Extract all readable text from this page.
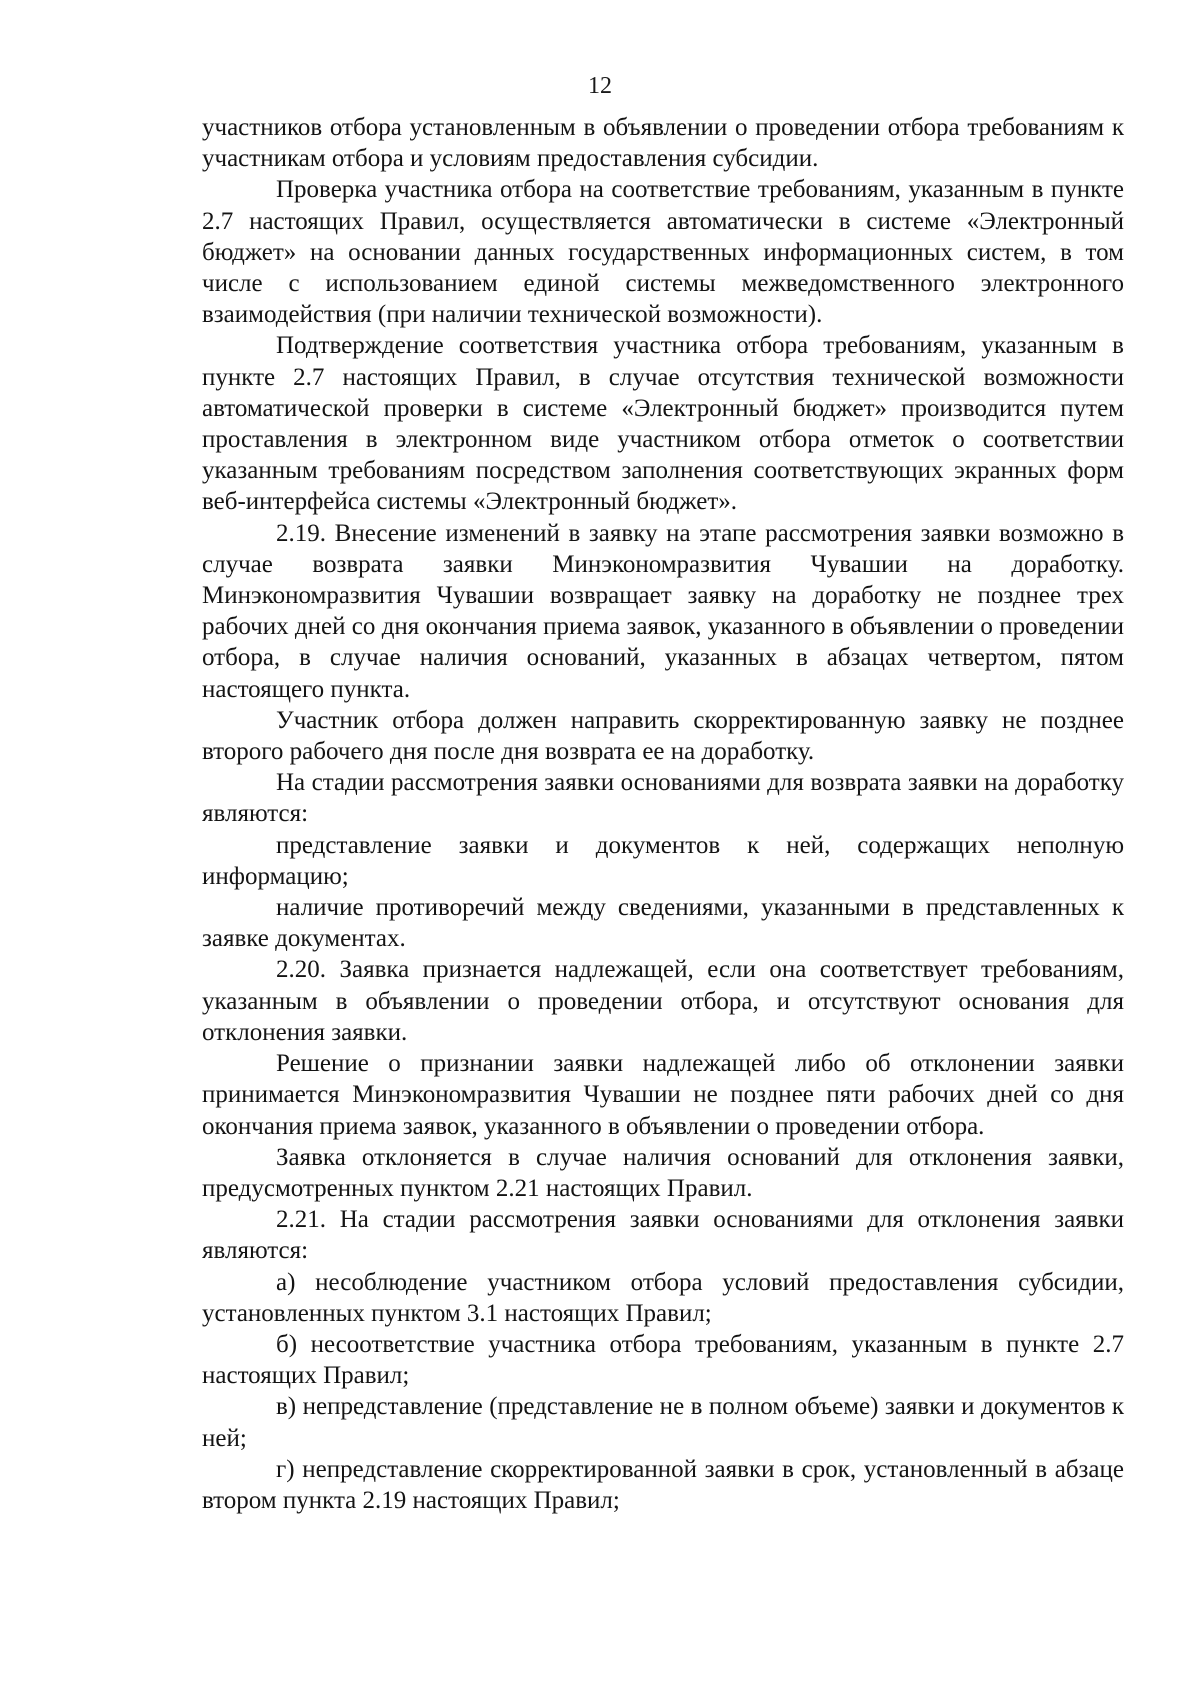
12

участников отбора установленным в объявлении о проведении отбора требованиям к участникам отбора и условиям предоставления субсидии.

Проверка участника отбора на соответствие требованиям, указанным в пункте 2.7 настоящих Правил, осуществляется автоматически в системе «Электронный бюджет» на основании данных государственных информационных систем, в том числе с использованием единой системы межведомственного электронного взаимодействия (при наличии технической возможности).

Подтверждение соответствия участника отбора требованиям, указанным в пункте 2.7 настоящих Правил, в случае отсутствия технической возможности автоматической проверки в системе «Электронный бюджет» производится путем проставления в электронном виде участником отбора отметок о соответствии указанным требованиям посредством заполнения соответствующих экранных форм веб-интерфейса системы «Электронный бюджет».

2.19. Внесение изменений в заявку на этапе рассмотрения заявки возможно в случае возврата заявки Минэкономразвития Чувашии на доработку. Минэкономразвития Чувашии возвращает заявку на доработку не позднее трех рабочих дней со дня окончания приема заявок, указанного в объявлении о проведении отбора, в случае наличия оснований, указанных в абзацах четвертом, пятом настоящего пункта.

Участник отбора должен направить скорректированную заявку не позднее второго рабочего дня после дня возврата ее на доработку.

На стадии рассмотрения заявки основаниями для возврата заявки на доработку являются:

представление заявки и документов к ней, содержащих неполную информацию;

наличие противоречий между сведениями, указанными в представленных к заявке документах.

2.20. Заявка признается надлежащей, если она соответствует требованиям, указанным в объявлении о проведении отбора, и отсутствуют основания для отклонения заявки.

Решение о признании заявки надлежащей либо об отклонении заявки принимается Минэкономразвития Чувашии не позднее пяти рабочих дней со дня окончания приема заявок, указанного в объявлении о проведении отбора.

Заявка отклоняется в случае наличия оснований для отклонения заявки, предусмотренных пунктом 2.21 настоящих Правил.

2.21. На стадии рассмотрения заявки основаниями для отклонения заявки являются:

а) несоблюдение участником отбора условий предоставления субсидии, установленных пунктом 3.1 настоящих Правил;

б) несоответствие участника отбора требованиям, указанным в пункте 2.7 настоящих Правил;

в) непредставление (представление не в полном объеме) заявки и документов к ней;

г) непредставление скорректированной заявки в срок, установленный в абзаце втором пункта 2.19 настоящих Правил;
